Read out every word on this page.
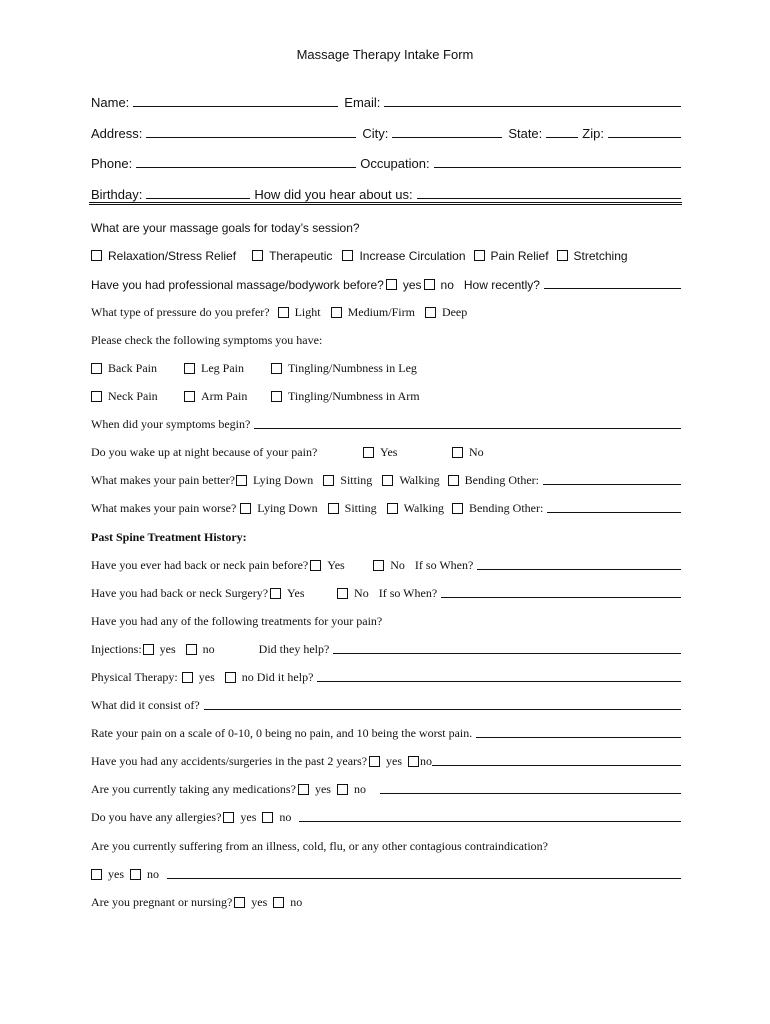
Massage Therapy Intake Form
Name:	Email:
Address:	City:	State:	Zip:
Phone:	Occupation:
Birthday:	How did you hear about us:
What are your massage goals for today’s session?
Relaxation/Stress Relief	Therapeutic Increase Circulation Pain Relief Stretching
Have you had professional massage/bodywork before? yes no How recently?
What type of pressure do you prefer? Light Medium/Firm Deep
Please check the following symptoms you have:
Back Pain	Leg Pain	Tingling/Numbness in Leg
Neck Pain	Arm Pain	Tingling/Numbness in Arm
When did your symptoms begin?
Do you wake up at night because of your pain?	Yes	No
What makes your pain better? Lying Down Sitting Walking Bending Other:
What makes your pain worse? Lying Down Sitting Walking Bending Other:
Past Spine Treatment History:
Have you ever had back or neck pain before? Yes	No If so When?
Have you had back or neck Surgery? Yes	No If so When?
Have you had any of the following treatments for your pain?
Injections: yes	no	Did they help?
Physical Therapy: yes	no Did it help?
What did it consist of?
Rate your pain on a scale of 0-10, 0 being no pain, and 10 being the worst pain.
Have you had any accidents/surgeries in the past 2 years? yes	no
Are you currently taking any medications? yes	no
Do you have any allergies? yes	no
Are you currently suffering from an illness, cold, flu, or any other contagious contraindication?
yes	no
Are you pregnant or nursing? yes	no
